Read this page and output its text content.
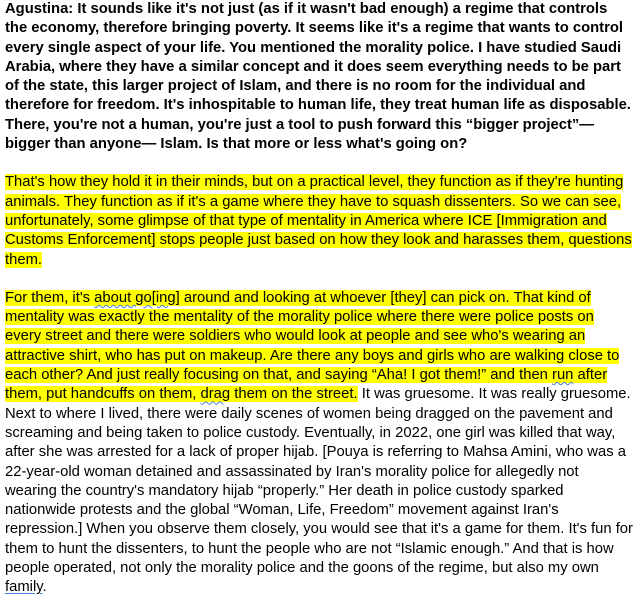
Agustina: It sounds like it's not just (as if it wasn't bad enough) a regime that controls the economy, therefore bringing poverty. It seems like it's a regime that wants to control every single aspect of your life. You mentioned the morality police. I have studied Saudi Arabia, where they have a similar concept and it does seem everything needs to be part of the state, this larger project of Islam, and there is no room for the individual and therefore for freedom. It's inhospitable to human life, they treat human life as disposable. There, you're not a human, you're just a tool to push forward this “bigger project”— bigger than anyone— Islam. Is that more or less what's going on?

That's how they hold it in their minds, but on a practical level, they function as if they're hunting animals. They function as if it's a game where they have to squash dissenters. So we can see, unfortunately, some glimpse of that type of mentality in America where ICE [Immigration and Customs Enforcement] stops people just based on how they look and harasses them, questions them.

For them, it's about go[ing] around and looking at whoever [they] can pick on. That kind of mentality was exactly the mentality of the morality police where there were police posts on every street and there were soldiers who would look at people and see who's wearing an attractive shirt, who has put on makeup. Are there any boys and girls who are walking close to each other? And just really focusing on that, and saying “Aha! I got them!” and then run after them, put handcuffs on them, drag them on the street. It was gruesome. It was really gruesome. Next to where I lived, there were daily scenes of women being dragged on the pavement and screaming and being taken to police custody. Eventually, in 2022, one girl was killed that way, after she was arrested for a lack of proper hijab. [Pouya is referring to Mahsa Amini, who was a 22-year-old woman detained and assassinated by Iran's morality police for allegedly not wearing the country's mandatory hijab “properly.” Her death in police custody sparked nationwide protests and the global “Woman, Life, Freedom” movement against Iran's repression.] When you observe them closely, you would see that it's a game for them. It's fun for them to hunt the dissenters, to hunt the people who are not “Islamic enough.” And that is how people operated, not only the morality police and the goons of the regime, but also my own family.
